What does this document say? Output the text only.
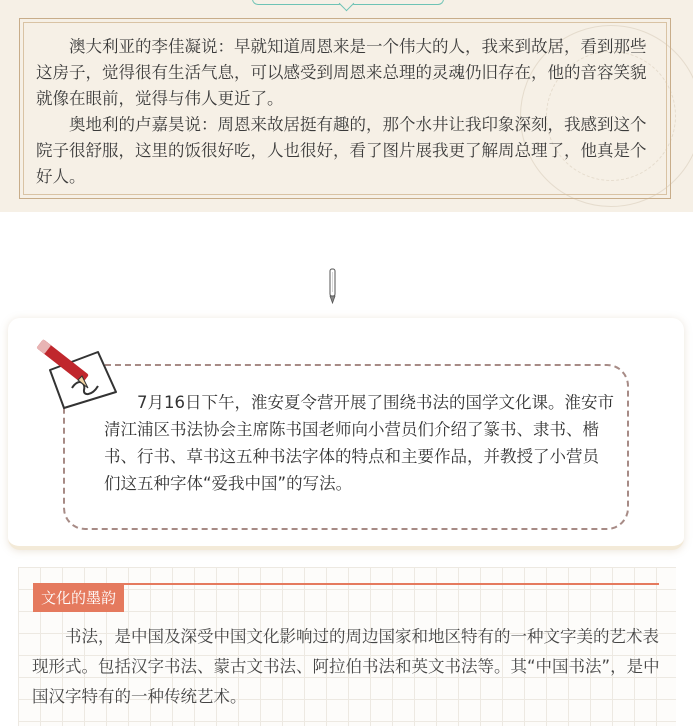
澳大利亚的李佳凝说：早就知道周恩来是一个伟大的人，我来到故居，看到那些这房子，觉得很有生活气息，可以感受到周恩来总理的灵魂仍旧存在，他的音容笑貌就像在眼前，觉得与伟人更近了。

奥地利的卢嘉昊说：周恩来故居挺有趣的，那个水井让我印象深刻，我感到这个院子很舒服，这里的饭很好吃，人也很好，看了图片展我更了解周总理了，他真是个好人。

7月16日下午，淮安夏令营开展了围绕书法的国学文化课。淮安市清江浦区书法协会主席陈书国老师向小营员们介绍了篆书、隶书、楷书、行书、草书这五种书法字体的特点和主要作品，并教授了小营员们这五种字体“爱我中国”的写法。

文化的墨韵

书法，是中国及深受中国文化影响过的周边国家和地区特有的一种文字美的艺术表现形式。包括汉字书法、蒙古文书法、阿拉伯书法和英文书法等。其“中国书法”，是中国汉字特有的一种传统艺术。
